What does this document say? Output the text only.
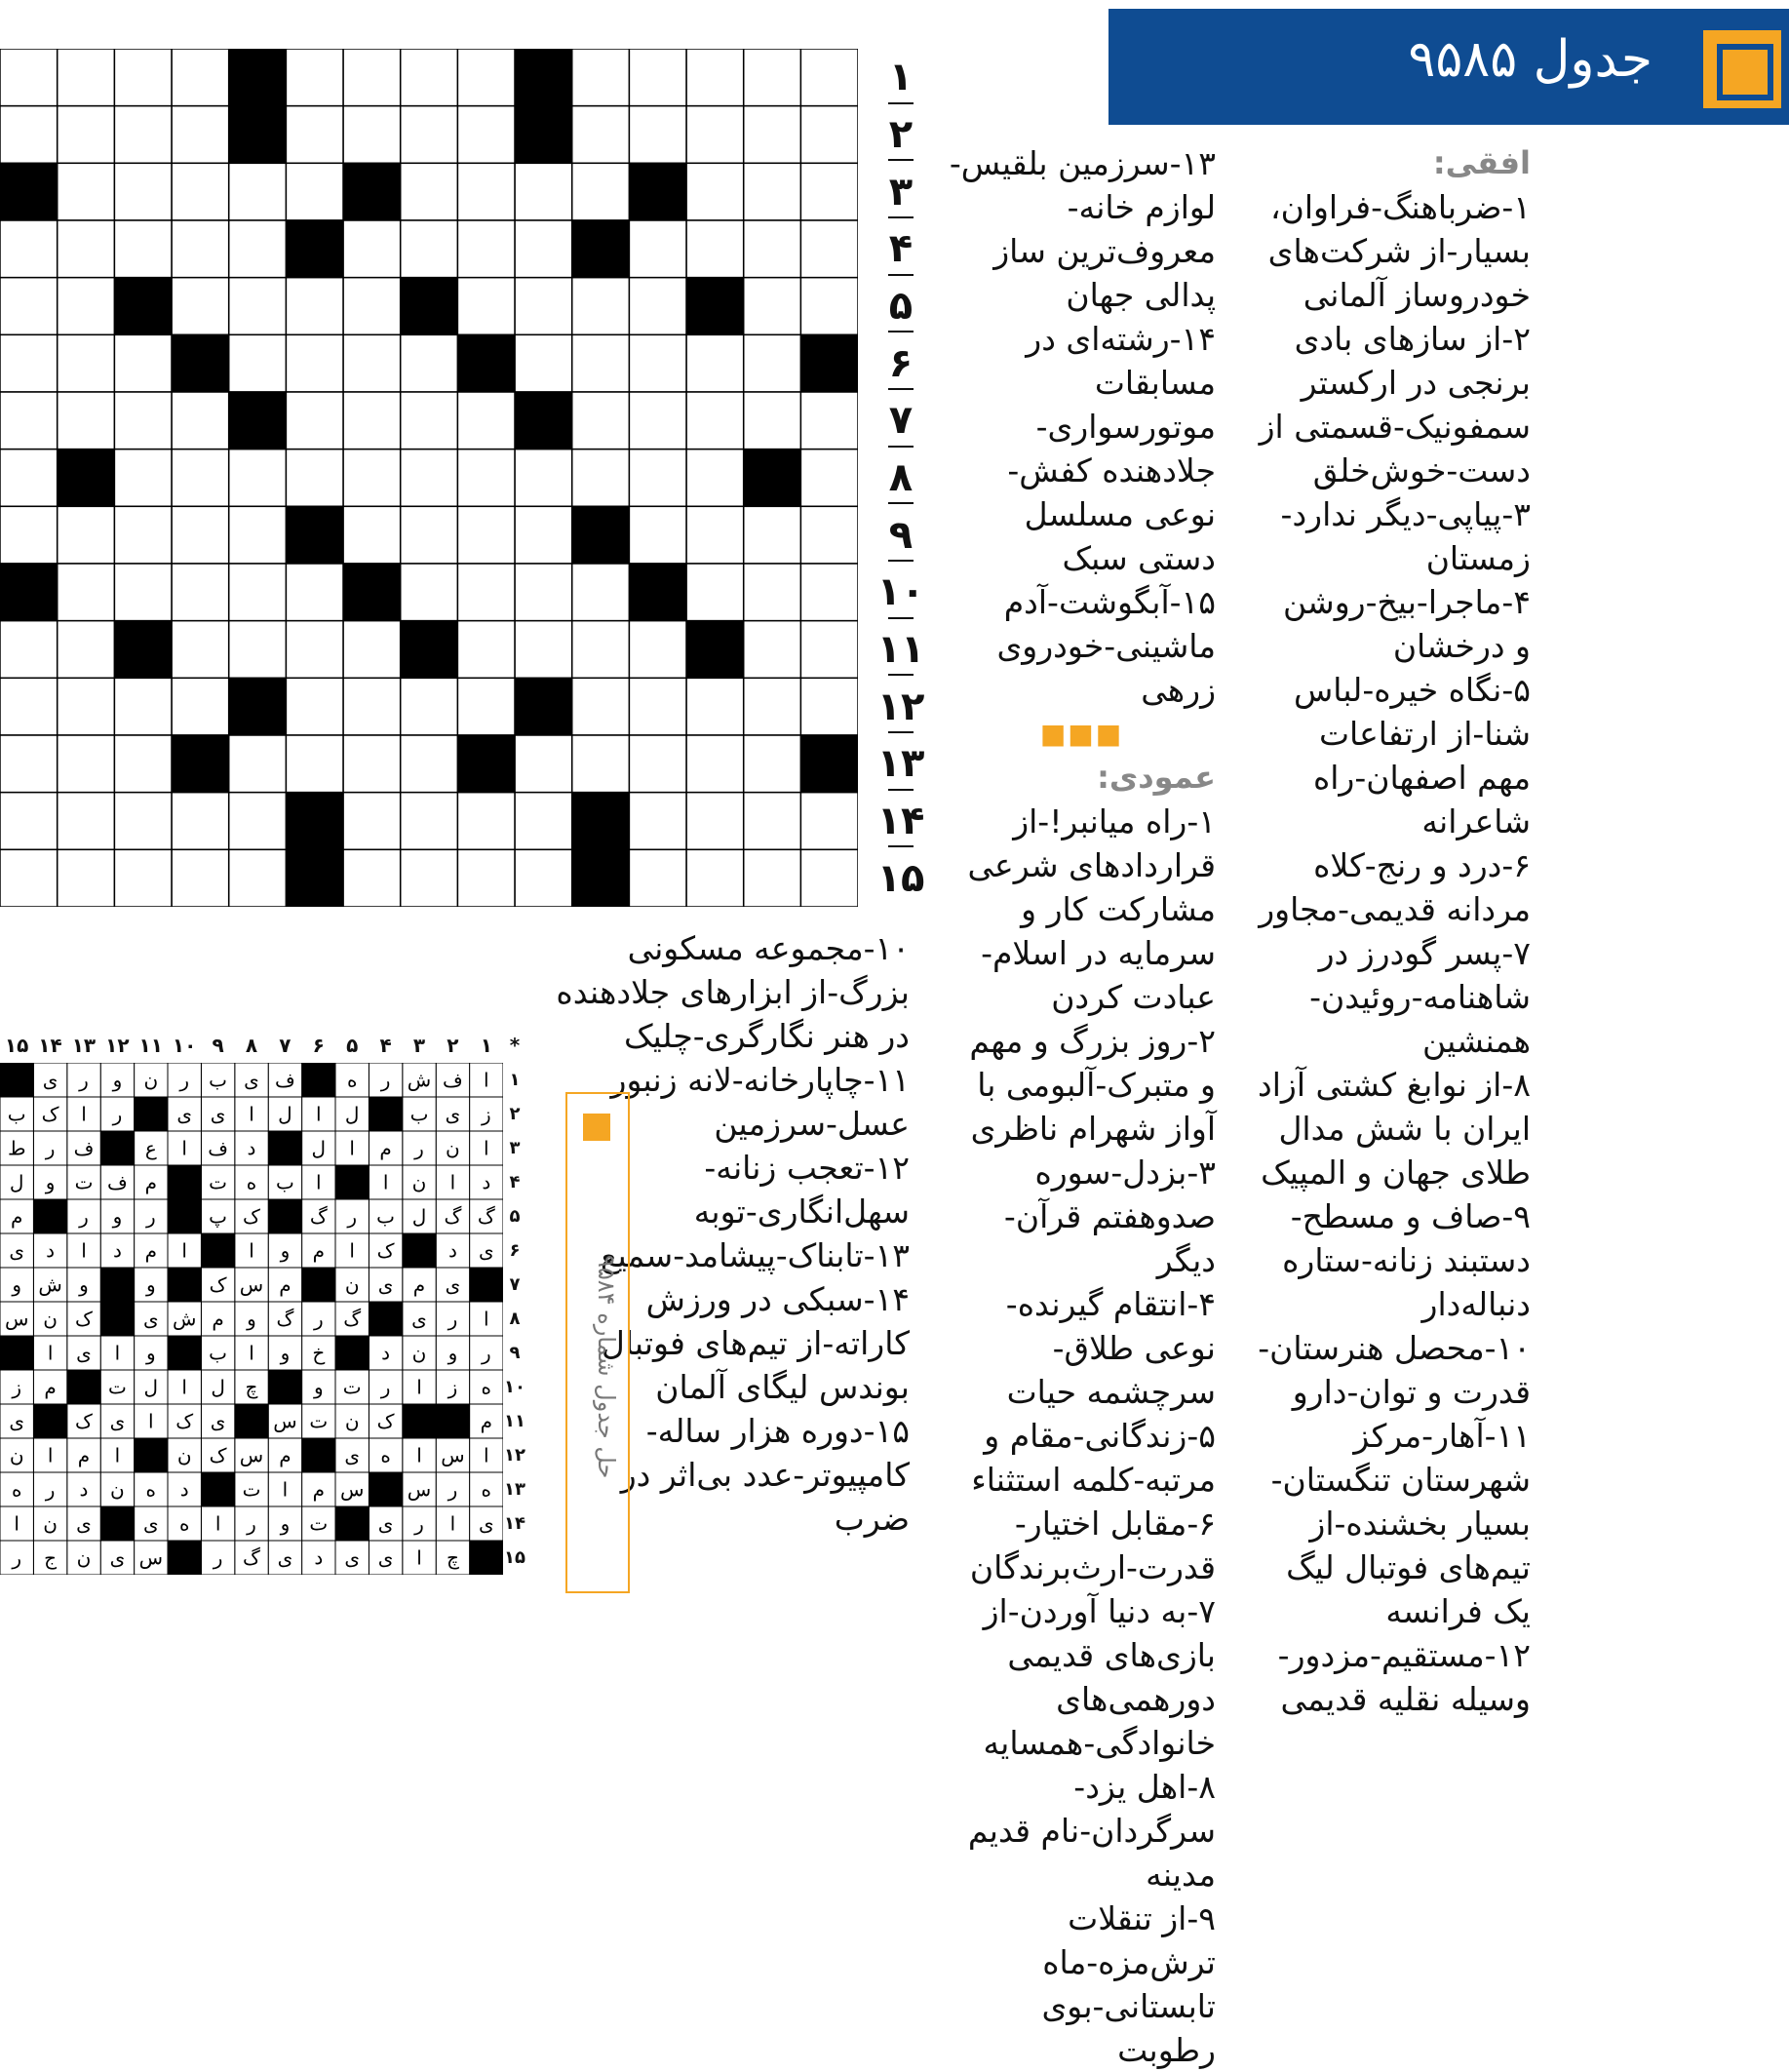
جدول ۹۵۸۵
۱
۲
۳
۴
۵
۶
۷
۸
۹
۱۰
۱۱
۱۲
۱۳
۱۴
۱۵
افقی:
۱-ضرباهنگ-فراوان، بسیار-از شرکت‌های خودروساز آلمانی
۲-از سازهای بادی برنجی در ارکستر سمفونیک-قسمتی از دست-خوش‌خلق
۳-پیاپی-دیگر ندارد-زمستان
۴-ماجرا-بیخ-روشن و درخشان
۵-نگاه خیره-لباس شنا-از ارتفاعات مهم اصفهان-راه شاعرانه
۶-درد و رنج-کلاه مردانه قدیمی-مجاور
۷-پسر گودرز در شاهنامه-روئیدن-همنشین
۸-از نوابغ کشتی آزاد ایران با شش مدال طلای جهان و المپیک
۹-صاف و مسطح-دستبند زنانه-ستاره دنباله‌دار
۱۰-محصل هنرستان-قدرت و توان-دارو
۱۱-آهار-مرکز شهرستان تنگستان-بسیار بخشنده-از تیم‌های فوتبال لیگ یک فرانسه
۱۲-مستقیم-مزدور-وسیله نقلیه قدیمی
۱۳-سرزمین بلقیس-لوازم خانه-معروف‌ترین ساز پدالی جهان
۱۴-رشته‌ای در مسابقات موتورسواری-جلادهنده کفش-نوعی مسلسل دستی سبک
۱۵-آبگوشت-آدم ماشینی-خودروی زرهی
■■■
عمودی:
۱-راه میانبر!-از قراردادهای شرعی مشارکت کار و سرمایه در اسلام-عبادت کردن
۲-روز بزرگ و مهم و متبرک-آلبومی با آواز شهرام ناظری
۳-بزدل-سوره صدوهفتم قرآن-دیگر
۴-انتقام گیرنده-نوعی طلاق-سرچشمه حیات
۵-زندگانی-مقام و مرتبه-کلمه استثناء
۶-مقابل اختیار-قدرت-ارث‌برندگان
۷-به دنیا آوردن-از بازی‌های قدیمی دورهمی‌های خانوادگی-همسایه
۸-اهل یزد-سرگردان-نام قدیم مدینه
۹-از تنقلات ترش‌مزه-ماه تابستانی-بوی رطوبت
۱۰-مجموعه مسکونی بزرگ-از ابزارهای جلادهنده در هنر نگارگری-چلیک
۱۱-چاپارخانه-لانه زنبور عسل-سرزمین
۱۲-تعجب زنانه-سهل‌انگاری-توبه
۱۳-تابناک-پیشامد-سمیع
۱۴-سبکی در ورزش کاراته-از تیم‌های فوتبال بوندس لیگای آلمان
۱۵-دوره هزار ساله-کامپیوتر-عدد بی‌اثر در ضرب
حل جدول شماره ۹۵۸۴
*
۱
۲
۳
۴
۵
۶
۷
۸
۹
۱۰
۱۱
۱۲
۱۳
۱۴
۱۵
۱
۲
۳
۴
۵
۶
۷
۸
۹
۱۰
۱۱
۱۲
۱۳
۱۴
۱۵
ا
ف
ش
ر
ه
ف
ی
ب
ر
ن
و
ر
ی
ز
ی
ب
ل
ا
ل
ا
ی
ی
ر
ا
ک
ب
ا
ن
ر
م
ا
ل
د
ف
ا
ع
ف
ر
ط
د
ا
ن
ا
ا
ب
ه
ت
م
ف
ت
و
ل
گ
گ
ل
ب
ر
گ
ک
پ
ر
و
ر
م
ی
د
ک
ا
م
و
ا
ا
م
د
ا
د
ی
ی
م
ی
ن
م
س
ک
و
و
ش
و
ا
ر
ی
گ
ر
گ
و
م
ش
ی
ک
ن
س
ر
و
ن
د
خ
و
ا
ب
و
ا
ی
ا
ه
ز
ا
ر
ت
و
چ
ل
ا
ل
ت
م
ز
م
ک
ن
ت
س
ی
ک
ا
ی
ک
ی
ا
س
ا
ه
ی
م
س
ک
ن
ا
م
ا
ن
ه
ر
س
س
م
ا
ت
د
ه
ن
د
ر
ه
ی
ا
ر
ی
ت
و
ر
ا
ه
ی
ی
ن
ا
چ
ا
ی
ی
د
ی
گ
ر
س
ی
ن
ج
ر
